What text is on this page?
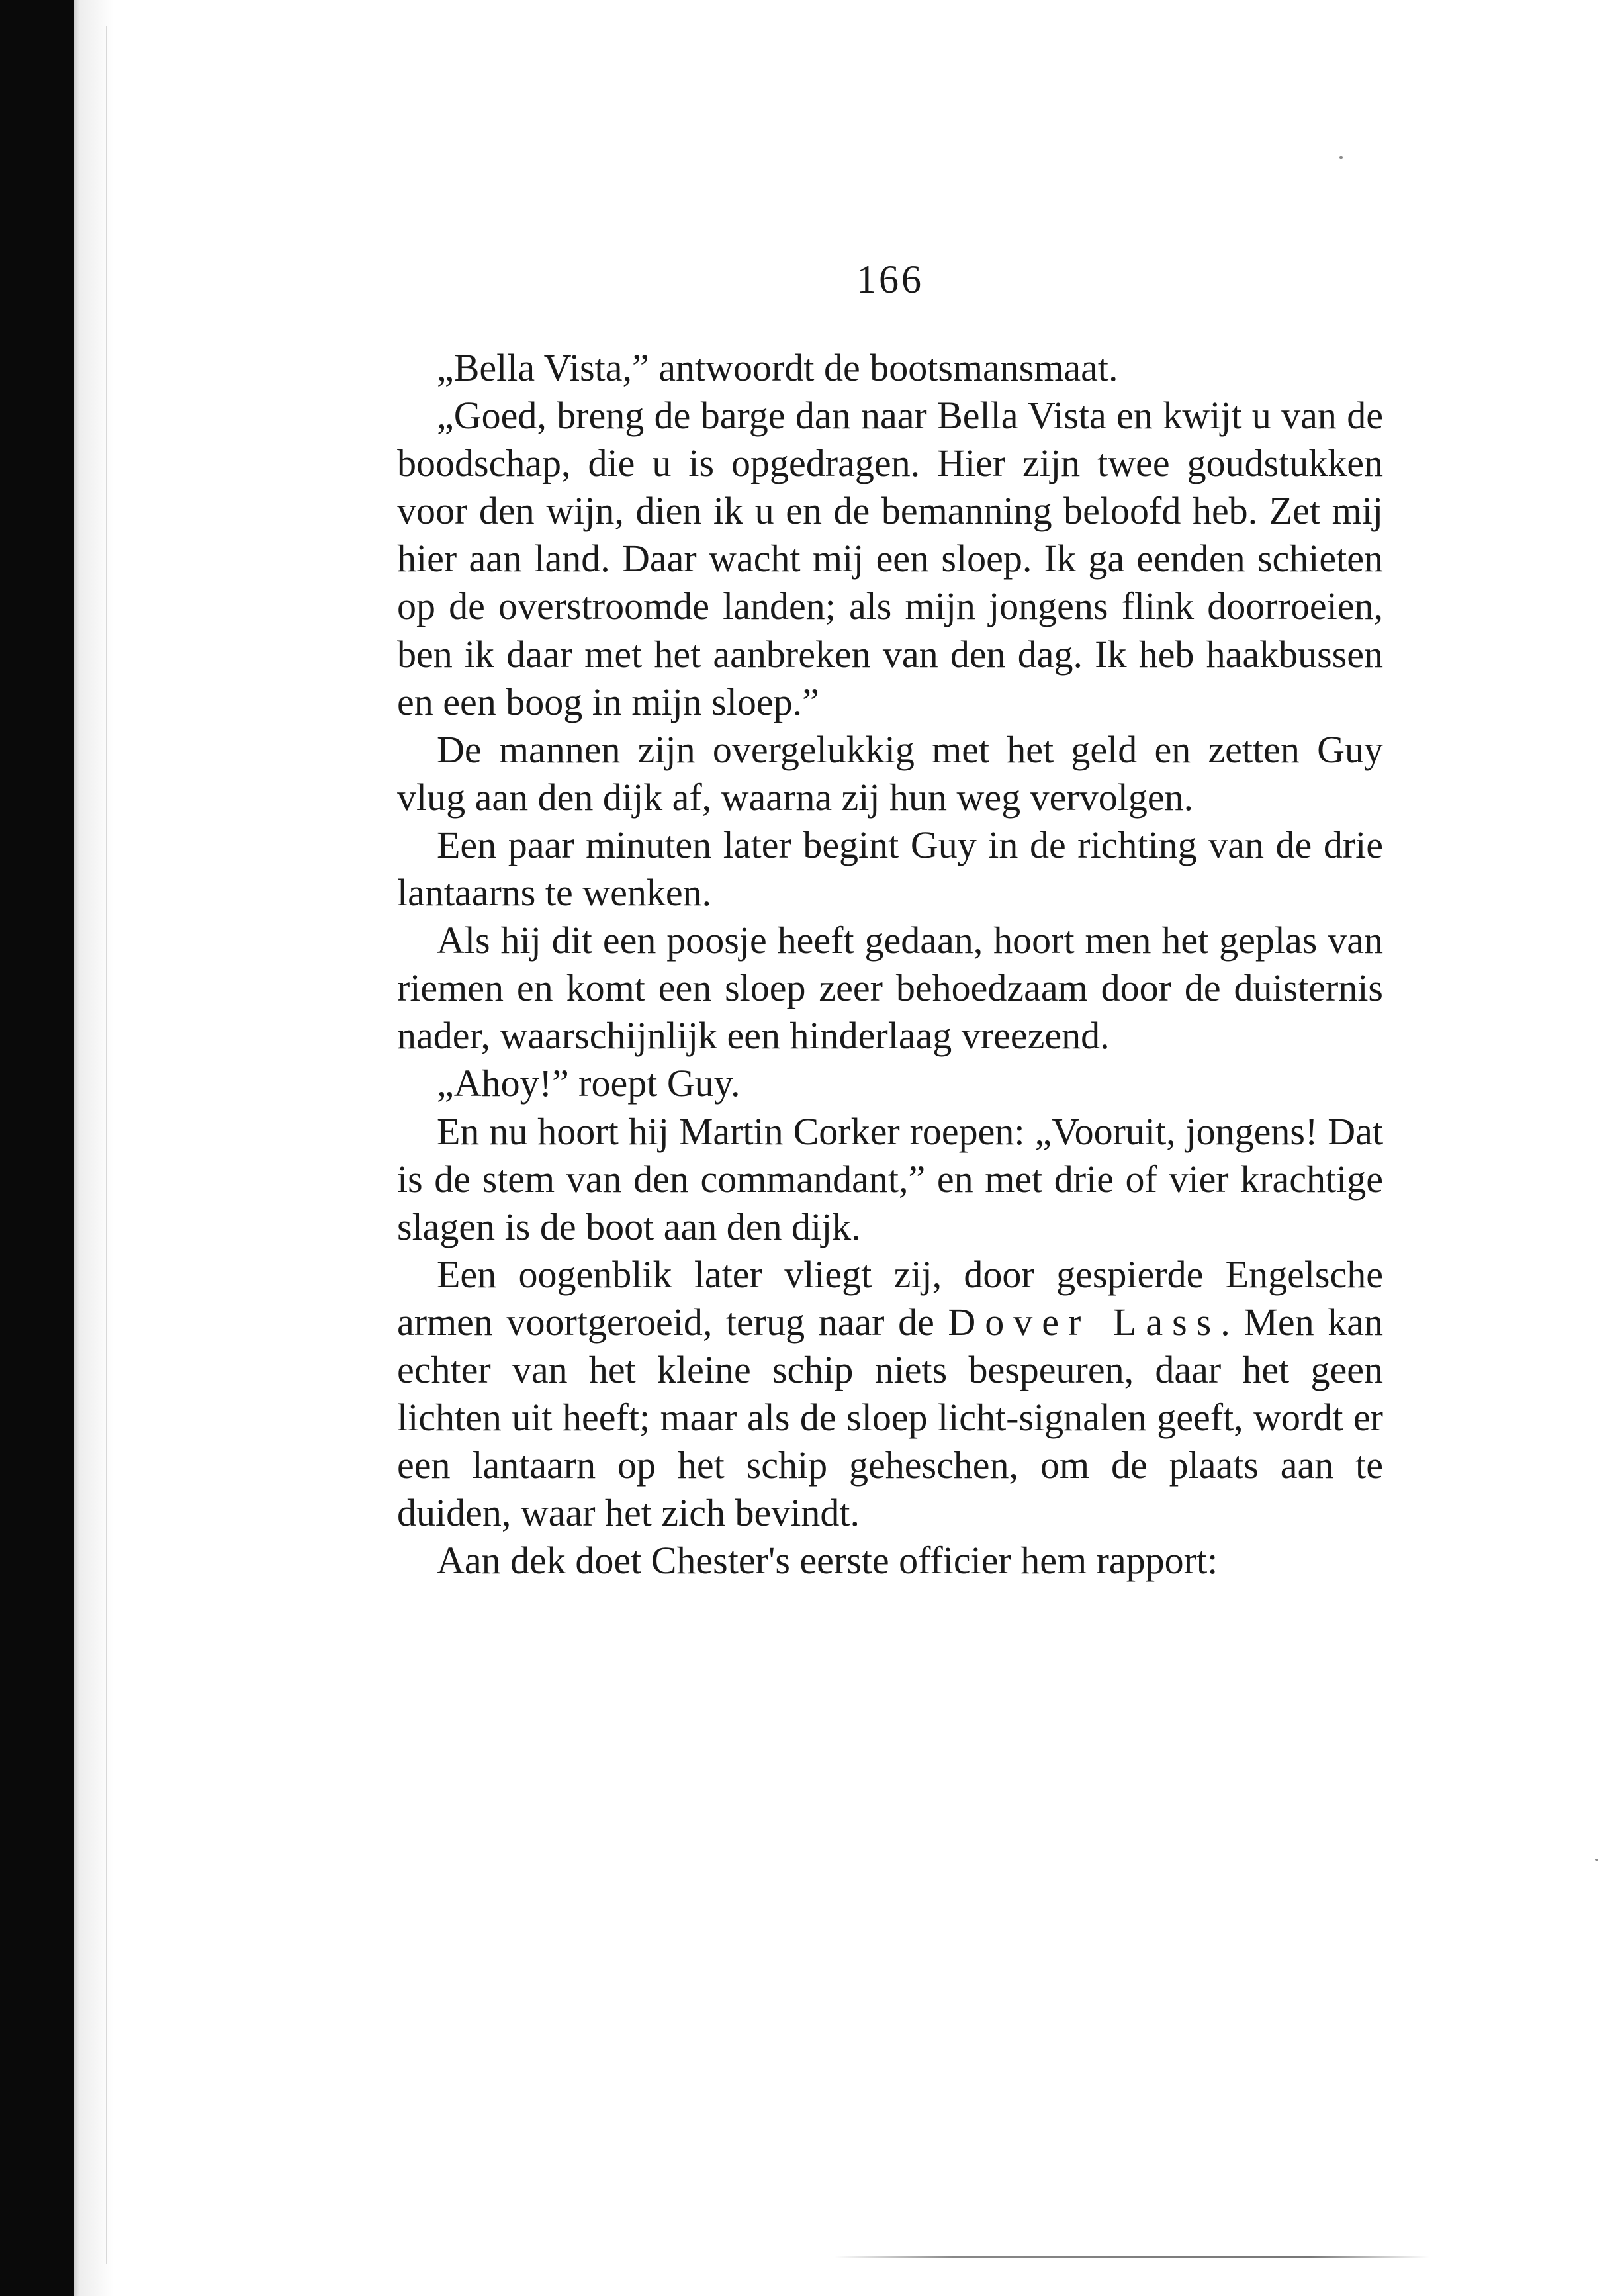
166

„Bella Vista,” antwoordt de bootsmansmaat.

„Goed, breng de barge dan naar Bella Vista en kwijt u van de boodschap, die u is opgedragen. Hier zijn twee goudstukken voor den wijn, dien ik u en de bemanning beloofd heb. Zet mij hier aan land. Daar wacht mij een sloep. Ik ga eenden schieten op de overstroomde landen; als mijn jongens flink doorroeien, ben ik daar met het aanbreken van den dag. Ik heb haakbussen en een boog in mijn sloep.”

De mannen zijn overgelukkig met het geld en zetten Guy vlug aan den dijk af, waarna zij hun weg vervolgen.

Een paar minuten later begint Guy in de richting van de drie lantaarns te wenken.

Als hij dit een poosje heeft gedaan, hoort men het geplas van riemen en komt een sloep zeer behoedzaam door de duisternis nader, waarschijnlijk een hinderlaag vreezend.

„Ahoy!” roept Guy.

En nu hoort hij Martin Corker roepen: „Vooruit, jongens! Dat is de stem van den commandant,” en met drie of vier krachtige slagen is de boot aan den dijk.

Een oogenblik later vliegt zij, door gespierde Engelsche armen voortgeroeid, terug naar de Dover Lass. Men kan echter van het kleine schip niets bespeuren, daar het geen lichten uit heeft; maar als de sloep licht-signalen geeft, wordt er een lantaarn op het schip geheschen, om de plaats aan te duiden, waar het zich bevindt.

Aan dek doet Chester's eerste officier hem rapport:
